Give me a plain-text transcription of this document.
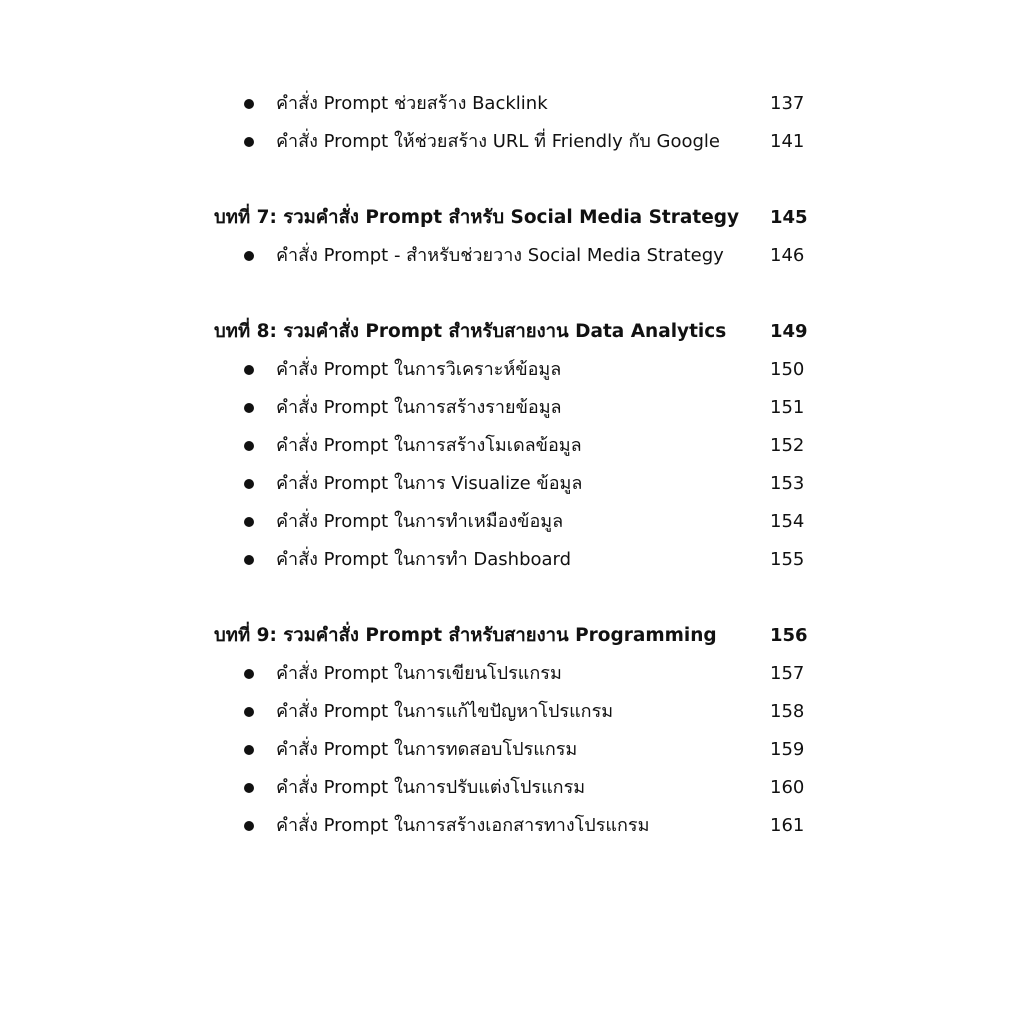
คำสั่ง Prompt ช่วยสร้าง Backlink	137
คำสั่ง Prompt ให้ช่วยสร้าง URL ที่ Friendly กับ Google	141
บทที่ 7: รวมคำสั่ง Prompt สำหรับ Social Media Strategy 145
คำสั่ง Prompt - สำหรับช่วยวาง Social Media Strategy	146
บทที่ 8: รวมคำสั่ง Prompt สำหรับสายงาน Data Analytics 149
คำสั่ง Prompt ในการวิเคราะห์ข้อมูล	150
คำสั่ง Prompt ในการสร้างรายข้อมูล	151
คำสั่ง Prompt ในการสร้างโมเดลข้อมูล	152
คำสั่ง Prompt ในการ Visualize ข้อมูล	153
คำสั่ง Prompt ในการทำเหมืองข้อมูล	154
คำสั่ง Prompt ในการทำ Dashboard	155
บทที่ 9: รวมคำสั่ง Prompt สำหรับสายงาน Programming	156
คำสั่ง Prompt ในการเขียนโปรแกรม	157
คำสั่ง Prompt ในการแก้ไขปัญหาโปรแกรม	158
คำสั่ง Prompt ในการทดสอบโปรแกรม	159
คำสั่ง Prompt ในการปรับแต่งโปรแกรม	160
คำสั่ง Prompt ในการสร้างเอกสารทางโปรแกรม	161
